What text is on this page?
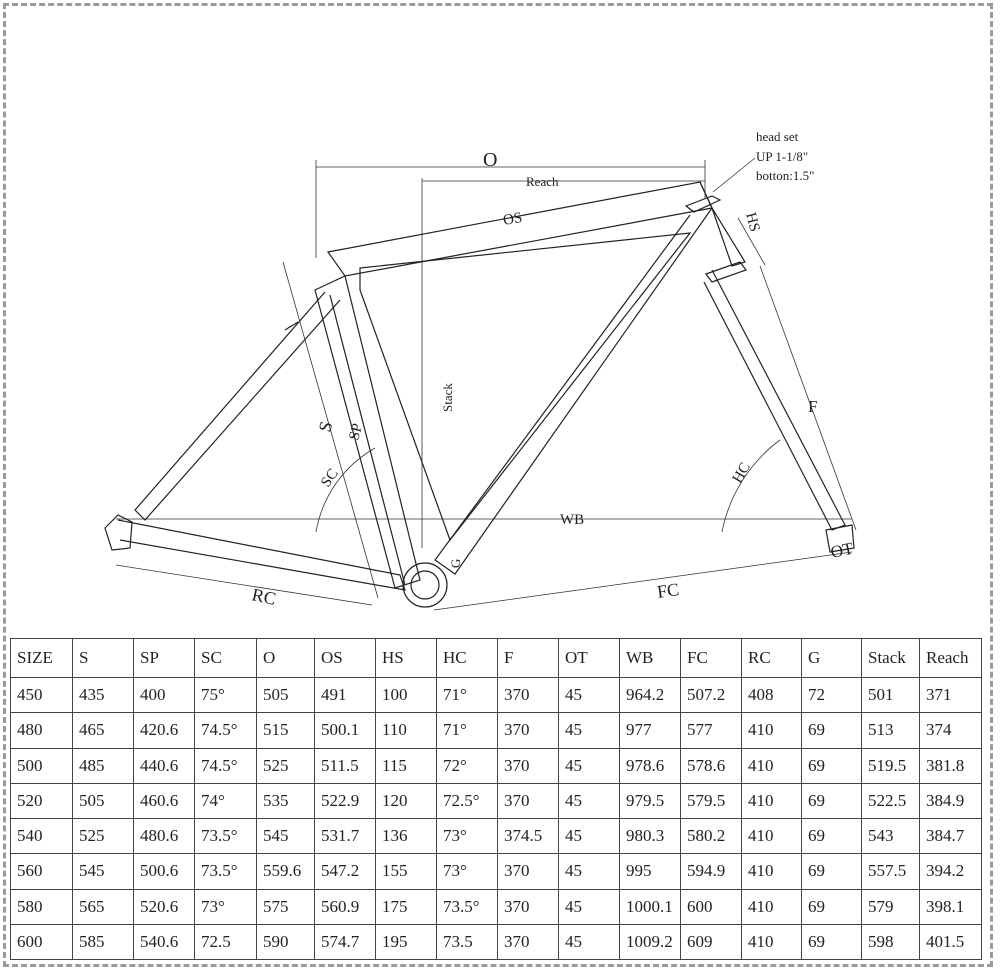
head set
UP 1-1/8"
botton:1.5"
O
Reach
OS	HS
Stack
S SP
SC
F
HC
WB
G
OT
RC	FC
SIZE	S	SP	SC	O	OS	HS	HC	F	OT	WB	FC	RC	G	Stack	Reach
450	435	400	75°	505	491	100	71°	370	45	964.2	507.2	408	72	501	371
480	465	420.6	74.5°	515	500.1	110	71°	370	45	977	577	410	69	513	374
500	485	440.6	74.5°	525	511.5	115	72°	370	45	978.6	578.6	410	69	519.5	381.8
520	505	460.6	74°	535	522.9	120	72.5°	370	45	979.5	579.5	410	69	522.5	384.9
540	525	480.6	73.5°	545	531.7	136	73°	374.5	45	980.3	580.2	410	69	543	384.7
560	545	500.6	73.5°	559.6	547.2	155	73°	370	45	995	594.9	410	69	557.5	394.2
580	565	520.6	73°	575	560.9	175	73.5°	370	45	1000.1	600	410	69	579	398.1
600	585	540.6	72.5	590	574.7	195	73.5	370	45	1009.2	609	410	69	598	401.5
